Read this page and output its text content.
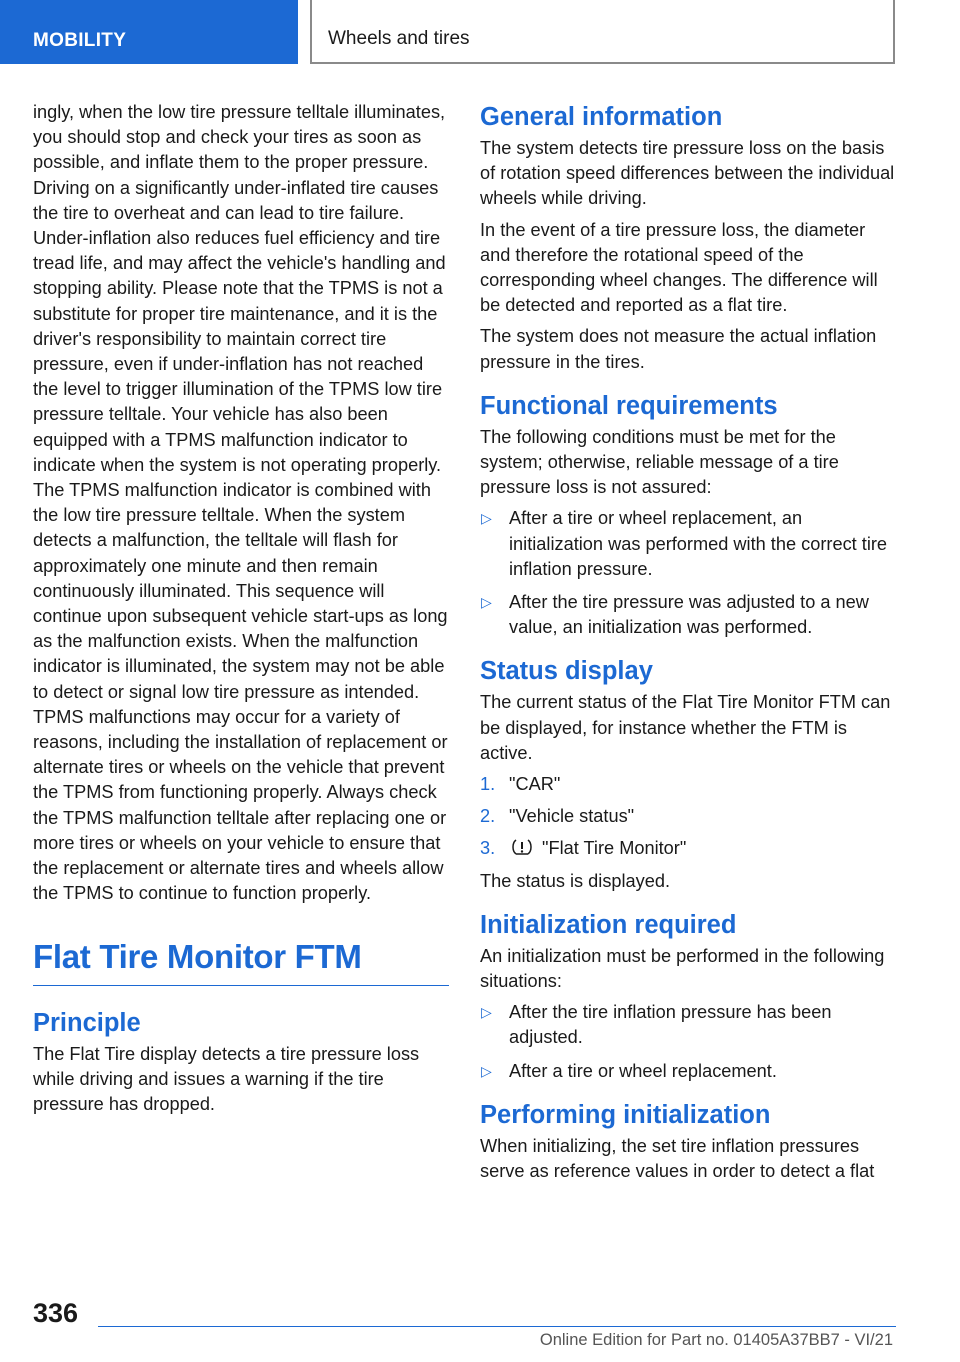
MOBILITY	Wheels and tires

ingly, when the low tire pressure telltale illuminates, you should stop and check your tires as soon as possible, and inflate them to the proper pressure. Driving on a significantly under-inflated tire causes the tire to overheat and can lead to tire failure. Under-inflation also reduces fuel efficiency and tire tread life, and may affect the vehicle's handling and stopping ability. Please note that the TPMS is not a substitute for proper tire maintenance, and it is the driver's responsibility to maintain correct tire pressure, even if under-inflation has not reached the level to trigger illumination of the TPMS low tire pressure telltale. Your vehicle has also been equipped with a TPMS malfunction indicator to indicate when the system is not operating properly. The TPMS malfunction indicator is combined with the low tire pressure telltale. When the system detects a malfunction, the telltale will flash for approximately one minute and then remain continuously illuminated. This sequence will continue upon subsequent vehicle start-ups as long as the malfunction exists. When the malfunction indicator is illuminated, the system may not be able to detect or signal low tire pressure as intended. TPMS malfunctions may occur for a variety of reasons, including the installation of replacement or alternate tires or wheels on the vehicle that prevent the TPMS from functioning properly. Always check the TPMS malfunction telltale after replacing one or more tires or wheels on your vehicle to ensure that the replacement or alternate tires and wheels allow the TPMS to continue to function properly.

Flat Tire Monitor FTM
Principle

The Flat Tire display detects a tire pressure loss while driving and issues a warning if the tire pressure has dropped.

General information

The system detects tire pressure loss on the basis of rotation speed differences between the individual wheels while driving.

In the event of a tire pressure loss, the diameter and therefore the rotational speed of the corresponding wheel changes. The difference will be detected and reported as a flat tire.

The system does not measure the actual inflation pressure in the tires.

Functional requirements

The following conditions must be met for the system; otherwise, reliable message of a tire pressure loss is not assured:

▷ After a tire or wheel replacement, an initialization was performed with the correct tire inflation pressure.
▷ After the tire pressure was adjusted to a new value, an initialization was performed.
Status display

The current status of the Flat Tire Monitor FTM can be displayed, for instance whether the FTM is active.

1. "CAR"
2. "Vehicle status"
3.	"Flat Tire Monitor"

The status is displayed.

Initialization required

An initialization must be performed in the following situations:

▷ After the tire inflation pressure has been adjusted.
▷ After a tire or wheel replacement.
Performing initialization

When initializing, the set tire inflation pressures serve as reference values in order to detect a flat

336
Online Edition for Part no. 01405A37BB7 - VI/21
